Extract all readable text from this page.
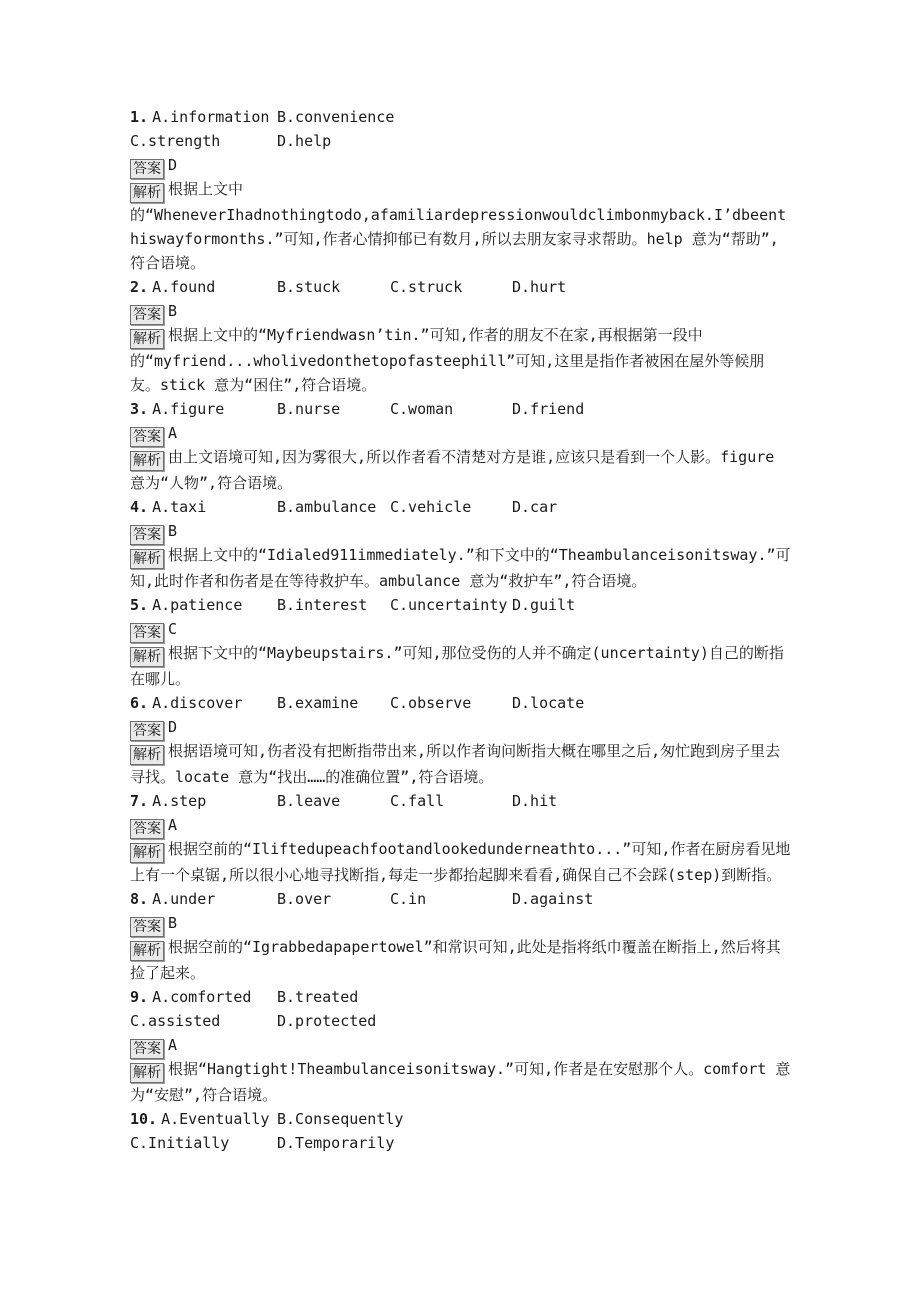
1. A.information B.convenience
C.strength	D.help
答案 D
解析 根据上文中的“WheneverIhadnothingtodo,afamiliardepressionwouldclimbonmyback.I’dbeenthiswayformonths.”可知,作者心情抑郁已有数月,所以去朋友家寻求帮助。help 意为“帮助”,符合语境。
2. A.found	B.stuck	C.struck	D.hurt
答案 B
解析 根据上文中的“Myfriendwasn’tin.”可知,作者的朋友不在家,再根据第一段中的“myfriend...wholivedonthetopofasteephill”可知,这里是指作者被困在屋外等候朋友。stick 意为“困住”,符合语境。
3. A.figure	B.nurse	C.woman	D.friend
答案 A
解析 由上文语境可知,因为雾很大,所以作者看不清楚对方是谁,应该只是看到一个人影。figure 意为“人物”,符合语境。
4. A.taxi	B.ambulance C.vehicle	D.car
答案 B
解析 根据上文中的“Idialed911immediately.”和下文中的“Theambulanceisonitsway.”可知,此时作者和伤者是在等待救护车。ambulance 意为“救护车”,符合语境。
5. A.patience	B.interest	C.uncertainty D.guilt
答案 C
解析 根据下文中的“Maybeupstairs.”可知,那位受伤的人并不确定(uncertainty)自己的断指在哪儿。
6. A.discover	B.examine	C.observe	D.locate
答案 D
解析 根据语境可知,伤者没有把断指带出来,所以作者询问断指大概在哪里之后,匆忙跑到房子里去寻找。locate 意为“找出……的准确位置”,符合语境。
7. A.step	B.leave	C.fall	D.hit
答案 A
解析 根据空前的“Iliftedupeachfootandlookedunderneathto...”可知,作者在厨房看见地上有一个桌锯,所以很小心地寻找断指,每走一步都抬起脚来看看,确保自己不会踩(step)到断指。
8. A.under	B.over	C.in	D.against
答案 B
解析 根据空前的“Igrabbedapapertowel”和常识可知,此处是指将纸巾覆盖在断指上,然后将其捡了起来。
9. A.comforted	B.treated
C.assisted	D.protected
答案 A
解析 根据“Hangtight!Theambulanceisonitsway.”可知,作者是在安慰那个人。comfort 意为“安慰”,符合语境。
10. A.Eventually B.Consequently
C.Initially	D.Temporarily
